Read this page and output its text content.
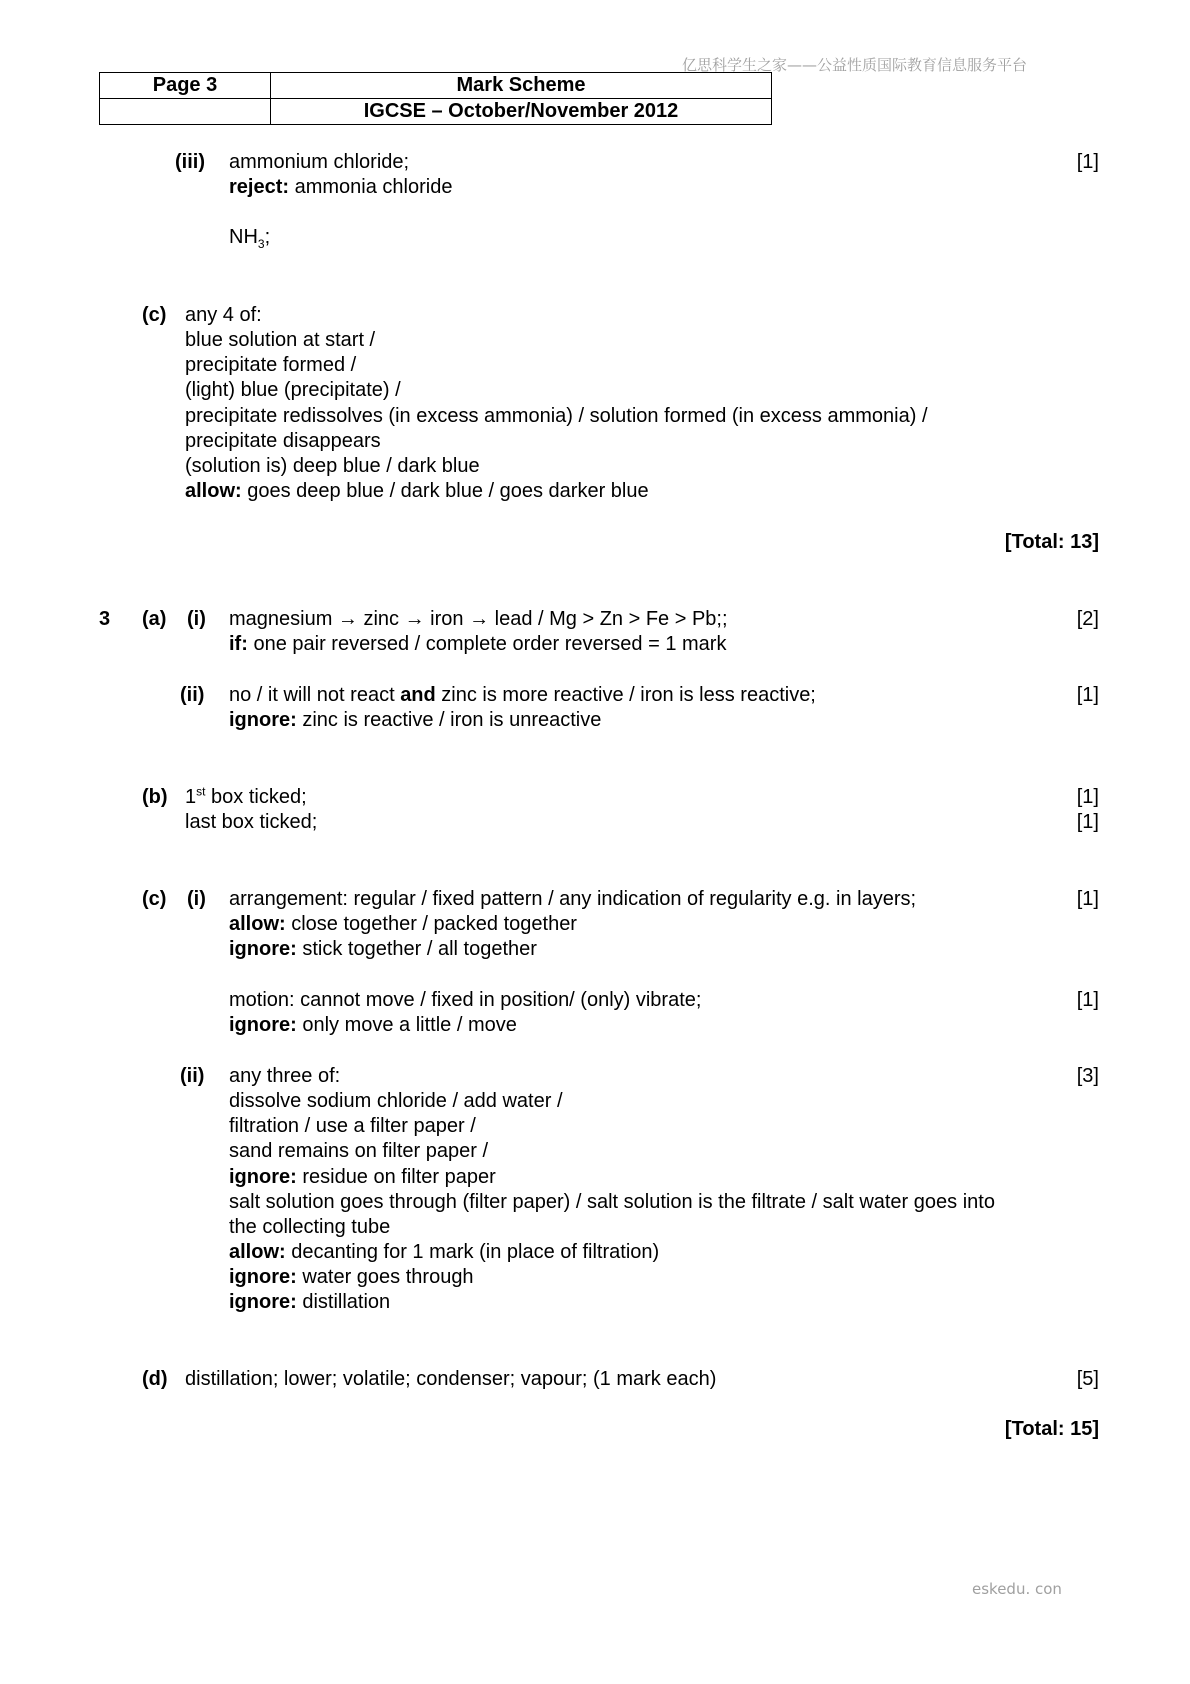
亿思科学生之家——公益性质国际教育信息服务平台
Page 3	Mark Scheme
	IGCSE – October/November 2012
(iii) ammonium chloride;	[1]
reject: ammonia chloride
$NH_3$;
(c) any 4 of:
blue solution at start /
precipitate formed /
(light) blue (precipitate) /
precipitate redissolves (in excess ammonia) / solution formed (in excess ammonia) /
precipitate disappears
(solution is) deep blue / dark blue
allow: goes deep blue / dark blue / goes darker blue
[Total: 13]
3 (a) (i) magnesium → zinc → iron → lead / Mg > Zn > Fe > Pb;;	[2]
if: one pair reversed / complete order reversed = 1 mark
(ii) no / it will not react and zinc is more reactive / iron is less reactive;	[1]
ignore: zinc is reactive / iron is unreactive
(b) 1st box ticked;	[1]
last box ticked;	[1]
(c) (i) arrangement: regular / fixed pattern / any indication of regularity e.g. in layers;	[1]
allow: close together / packed together
ignore: stick together / all together
motion: cannot move / fixed in position/ (only) vibrate;	[1]
ignore: only move a little / move
(ii) any three of:	[3]
dissolve sodium chloride / add water /
filtration / use a filter paper /
sand remains on filter paper /
ignore: residue on filter paper
salt solution goes through (filter paper) / salt solution is the filtrate / salt water goes into
the collecting tube
allow: decanting for 1 mark (in place of filtration)
ignore: water goes through
ignore: distillation
(d) distillation; lower; volatile; condenser; vapour; (1 mark each)	[5]
[Total: 15]
eskedu. con
